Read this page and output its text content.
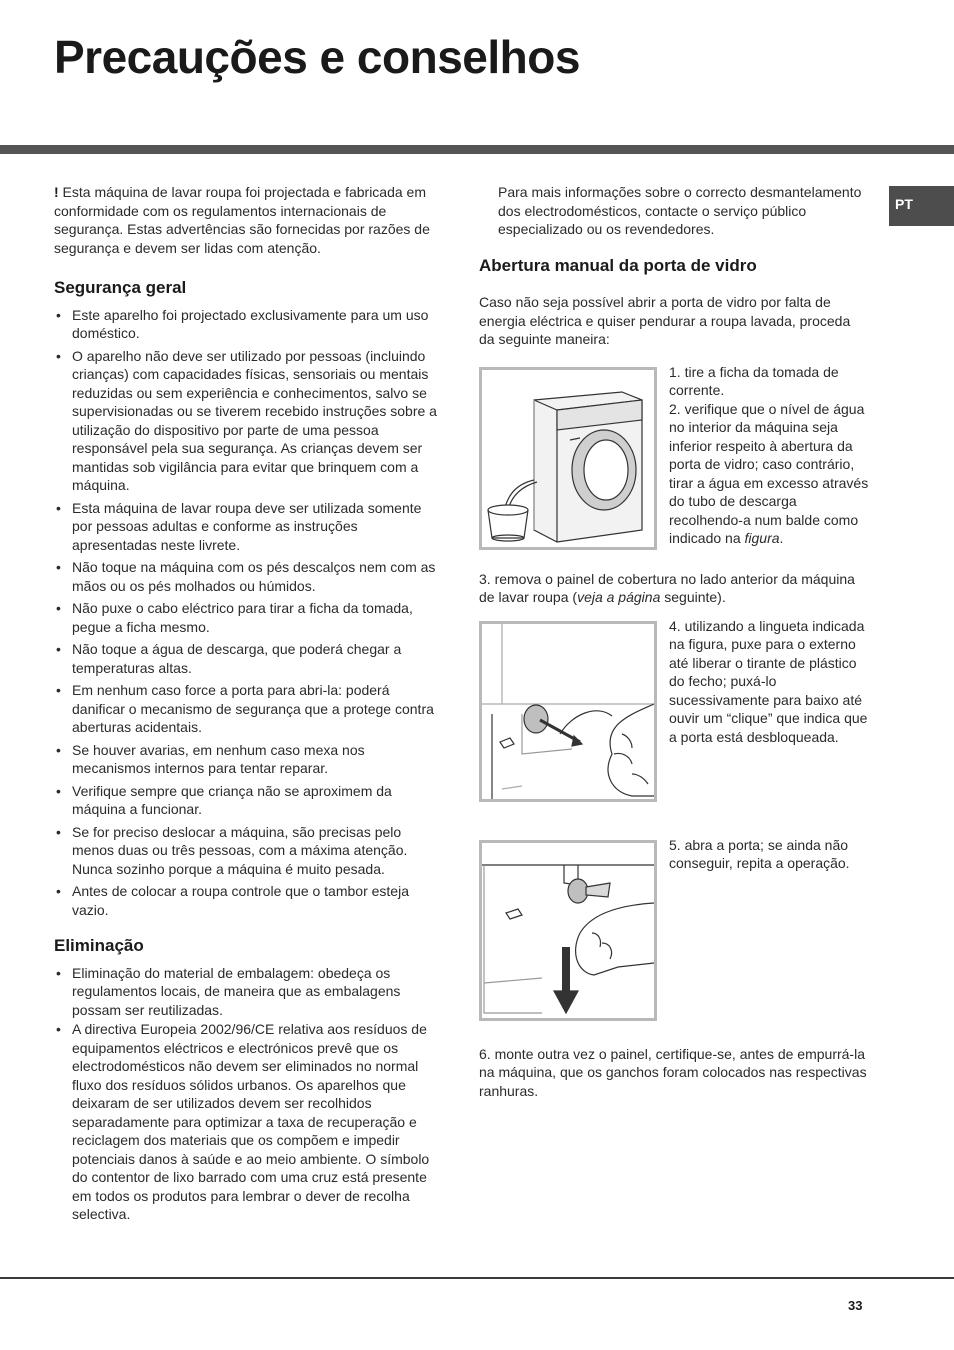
Precauções e conselhos
PT

! Esta máquina de lavar roupa foi projectada e fabricada em conformidade com os regulamentos internacionais de segurança. Estas advertências são fornecidas por razões de segurança e devem ser lidas com atenção.

Segurança geral
• Este aparelho foi projectado exclusivamente para um uso doméstico.
• O aparelho não deve ser utilizado por pessoas (incluindo crianças) com capacidades físicas, sensoriais ou mentais reduzidas ou sem experiência e conhecimentos, salvo se supervisionadas ou se tiverem recebido instruções sobre a utilização do dispositivo por parte de uma pessoa responsável pela sua segurança. As crianças devem ser mantidas sob vigilância para evitar que brinquem com a máquina.
• Esta máquina de lavar roupa deve ser utilizada somente por pessoas adultas e conforme as instruções apresentadas neste livrete.
• Não toque na máquina com os pés descalços nem com as mãos ou os pés molhados ou húmidos.
• Não puxe o cabo eléctrico para tirar a ficha da tomada, pegue a ficha mesmo.
• Não toque a água de descarga, que poderá chegar a temperaturas altas.
• Em nenhum caso force a porta para abri-la: poderá danificar o mecanismo de segurança que a protege contra aberturas acidentais.
• Se houver avarias, em nenhum caso mexa nos mecanismos internos para tentar reparar.
• Verifique sempre que criança não se aproximem da máquina a funcionar.
• Se for preciso deslocar a máquina, são precisas pelo menos duas ou três pessoas, com a máxima atenção. Nunca sozinho porque a máquina é muito pesada.
• Antes de colocar a roupa controle que o tambor esteja vazio.
Eliminação
• Eliminação do material de embalagem: obedeça os regulamentos locais, de maneira que as embalagens possam ser reutilizadas.
• A directiva Europeia 2002/96/CE relativa aos resíduos de equipamentos eléctricos e electrónicos prevê que os electrodomésticos não devem ser eliminados no normal fluxo dos resíduos sólidos urbanos. Os aparelhos que deixaram de ser utilizados devem ser recolhidos separadamente para optimizar a taxa de recuperação e reciclagem dos materiais que os compõem e impedir potenciais danos à saúde e ao meio ambiente. O símbolo do contentor de lixo barrado com uma cruz está presente em todos os produtos para lembrar o dever de recolha selectiva.

Para mais informações sobre o correcto desmantelamento dos electrodomésticos, contacte o serviço público especializado ou os revendedores.

Abertura manual da porta de vidro

Caso não seja possível abrir a porta de vidro por falta de energia eléctrica e quiser pendurar a roupa lavada, proceda da seguinte maneira:

1. tire a ficha da tomada de corrente.
2. verifique que o nível de água no interior da máquina seja inferior respeito à abertura da porta de vidro; caso contrário, tirar a água em excesso através do tubo de descarga recolhendo-a num balde como indicado na figura.

3. remova o painel de cobertura no lado anterior da máquina de lavar roupa (veja a página seguinte).

4. utilizando a lingueta indicada na figura, puxe para o externo até liberar o tirante de plástico do fecho; puxá-lo sucessivamente para baixo até ouvir um “clique” que indica que a porta está desbloqueada.

5. abra a porta; se ainda não conseguir, repita a operação.

6. monte outra vez o painel, certifique-se, antes de empurrá-la na máquina, que os ganchos foram colocados nas respectivas ranhuras.

33
